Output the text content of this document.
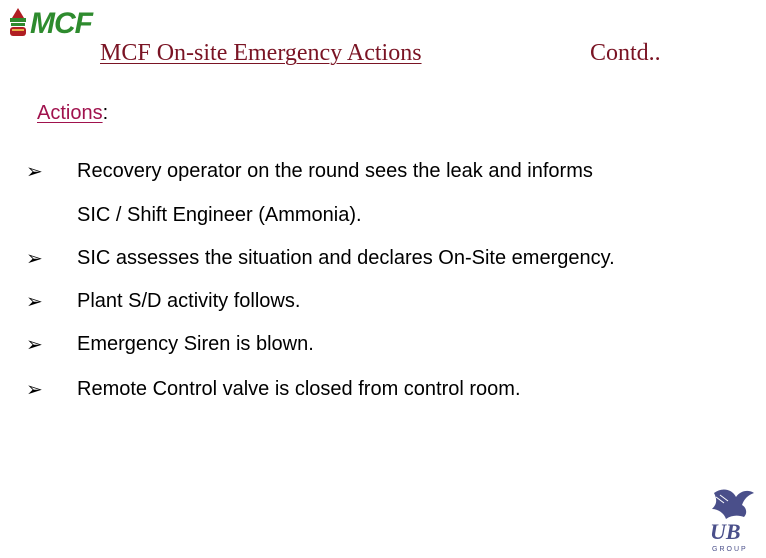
MCF
MCF On-site Emergency Actions	Contd..
Actions:
➢ Recovery operator on the round sees the leak and informs
SIC / Shift Engineer (Ammonia).
➢ SIC assesses the situation and declares On-Site emergency.
➢ Plant S/D activity follows.
➢ Emergency Siren is blown.
➢ Remote Control valve is closed from control room.
UB
GROUP
